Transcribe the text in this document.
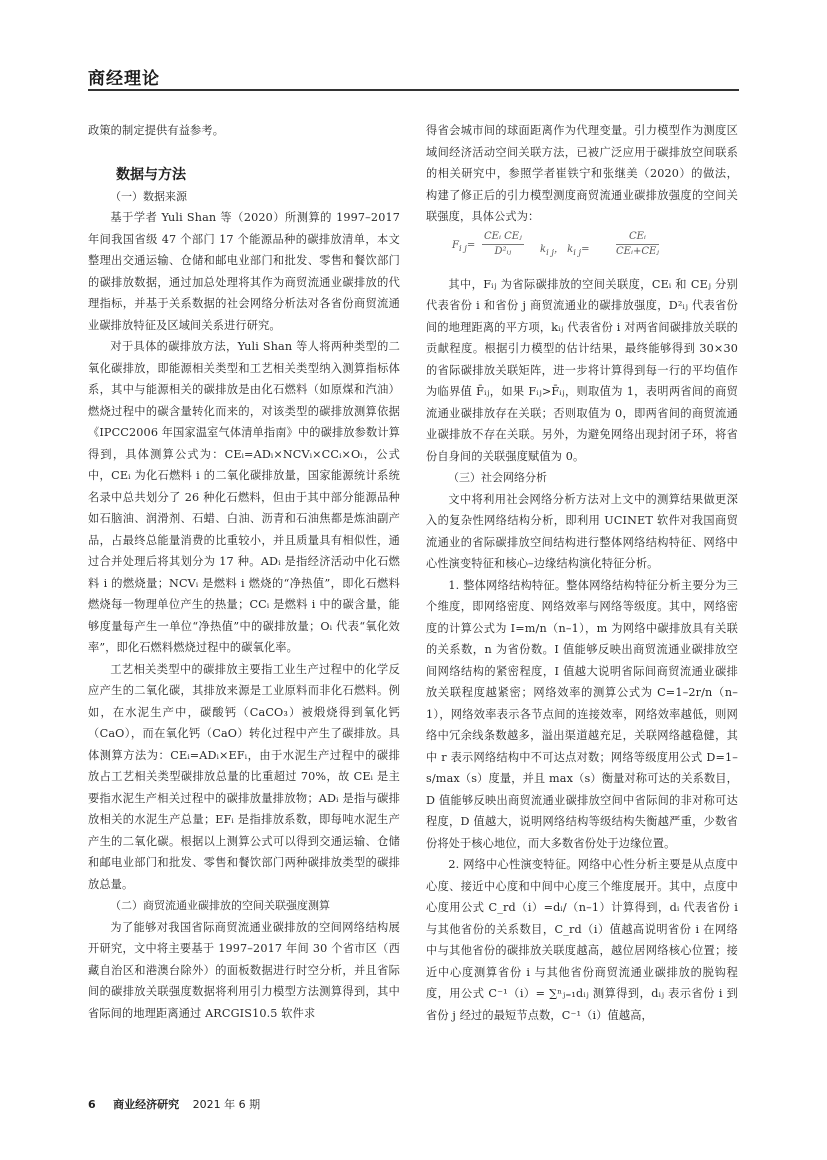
商经理论

政策的制定提供有益参考。

数据与方法
（一）数据来源

基于学者 Yuli Shan 等（2020）所测算的 1997–2017 年间我国省级 47 个部门 17 个能源品种的碳排放清单，本文整理出交通运输、仓储和邮电业部门和批发、零售和餐饮部门的碳排放数据，通过加总处理将其作为商贸流通业碳排放的代理指标，并基于关系数据的社会网络分析法对各省份商贸流通业碳排放特征及区域间关系进行研究。

对于具体的碳排放方法，Yuli Shan 等人将两种类型的二氧化碳排放，即能源相关类型和工艺相关类型纳入测算指标体系，其中与能源相关的碳排放是由化石燃料（如原煤和汽油）燃烧过程中的碳含量转化而来的，对该类型的碳排放测算依据《IPCC2006 年国家温室气体清单指南》中的碳排放参数计算得到，具体测算公式为：CEᵢ=ADᵢ×NCVᵢ×CCᵢ×Oᵢ，公式中，CEᵢ 为化石燃料 i 的二氧化碳排放量，国家能源统计系统名录中总共划分了 26 种化石燃料，但由于其中部分能源品种如石脑油、润滑剂、石蜡、白油、沥青和石油焦都是炼油副产品，占最终总能量消费的比重较小，并且质量具有相似性，通过合并处理后将其划分为 17 种。ADᵢ 是指经济活动中化石燃料 i 的燃烧量；NCVᵢ 是燃料 i 燃烧的“净热值”，即化石燃料燃烧每一物理单位产生的热量；CCᵢ 是燃料 i 中的碳含量，能够度量每产生一单位“净热值”中的碳排放量；Oᵢ 代表“氧化效率”，即化石燃料燃烧过程中的碳氧化率。

工艺相关类型中的碳排放主要指工业生产过程中的化学反应产生的二氧化碳，其排放来源是工业原料而非化石燃料。例如，在水泥生产中，碳酸钙（CaCO₃）被煅烧得到氧化钙（CaO），而在氧化钙（CaO）转化过程中产生了碳排放。具体测算方法为：CEᵢ=ADᵢ×EFᵢ，由于水泥生产过程中的碳排放占工艺相关类型碳排放总量的比重超过 70%，故 CEᵢ 是主要指水泥生产相关过程中的碳排放量排放物；ADᵢ 是指与碳排放相关的水泥生产总量；EFᵢ 是指排放系数，即每吨水泥生产产生的二氧化碳。根据以上测算公式可以得到交通运输、仓储和邮电业部门和批发、零售和餐饮部门两种碳排放类型的碳排放总量。

（二）商贸流通业碳排放的空间关联强度测算

为了能够对我国省际商贸流通业碳排放的空间网络结构展开研究，文中将主要基于 1997–2017 年间 30 个省市区（西藏自治区和港澳台除外）的面板数据进行时空分析，并且省际间的碳排放关联强度数据将利用引力模型方法测算得到，其中省际间的地理距离通过 ARCGIS10.5 软件求

得省会城市间的球面距离作为代理变量。引力模型作为测度区域间经济活动空间关联方法，已被广泛应用于碳排放空间联系的相关研究中，参照学者崔铁宁和张继美（2020）的做法，构建了修正后的引力模型测度商贸流通业碳排放强度的空间关联强度，具体公式为：

$F_{i j}=$
CEᵢ CEⱼ
D²ᵢⱼ	$k_{i j}$， $k_{i j}=$
CEᵢ
CEᵢ+CEⱼ

其中，Fᵢⱼ 为省际碳排放的空间关联度，CEᵢ 和 CEⱼ 分别代表省份 i 和省份 j 商贸流通业的碳排放强度，D²ᵢⱼ 代表省份间的地理距离的平方项，kᵢⱼ 代表省份 i 对两省间碳排放关联的贡献程度。根据引力模型的估计结果，最终能够得到 30×30 的省际碳排放关联矩阵，进一步将计算得到每一行的平均值作为临界值 F̄ᵢⱼ，如果 Fᵢⱼ>F̄ᵢⱼ，则取值为 1，表明两省间的商贸流通业碳排放存在关联；否则取值为 0，即两省间的商贸流通业碳排放不存在关联。另外，为避免网络出现封闭子环，将省份自身间的关联强度赋值为 0。

（三）社会网络分析

文中将利用社会网络分析方法对上文中的测算结果做更深入的复杂性网络结构分析，即利用 UCINET 软件对我国商贸流通业的省际碳排放空间结构进行整体网络结构特征、网络中心性演变特征和核心–边缘结构演化特征分析。

1. 整体网络结构特征。整体网络结构特征分析主要分为三个维度，即网络密度、网络效率与网络等级度。其中，网络密度的计算公式为 I=m/n（n–1），m 为网络中碳排放具有关联的关系数，n 为省份数。I 值能够反映出商贸流通业碳排放空间网络结构的紧密程度，I 值越大说明省际间商贸流通业碳排放关联程度越紧密；网络效率的测算公式为 C=1–2r/n（n–1），网络效率表示各节点间的连接效率，网络效率越低，则网络中冗余线条数越多，溢出渠道越充足，关联网络越稳健，其中 r 表示网络结构中不可达点对数；网络等级度用公式 D=1–s/max（s）度量，并且 max（s）衡量对称可达的关系数目，D 值能够反映出商贸流通业碳排放空间中省际间的非对称可达程度，D 值越大，说明网络结构等级结构失衡越严重，少数省份将处于核心地位，而大多数省份处于边缘位置。

2. 网络中心性演变特征。网络中心性分析主要是从点度中心度、接近中心度和中间中心度三个维度展开。其中，点度中心度用公式 C_rd（i）=dᵢ/（n–1）计算得到，dᵢ 代表省份 i 与其他省份的关系数目，C_rd（i）值越高说明省份 i 在网络中与其他省份的碳排放关联度越高，越位居网络核心位置；接近中心度测算省份 i 与其他省份商贸流通业碳排放的脱钩程度，用公式 C⁻¹（i）= ∑ⁿⱼ₌₁dᵢⱼ 测算得到，dᵢⱼ 表示省份 i 到省份 j 经过的最短节点数，C⁻¹（i）值越高，

6 商业经济研究 2021 年 6 期
